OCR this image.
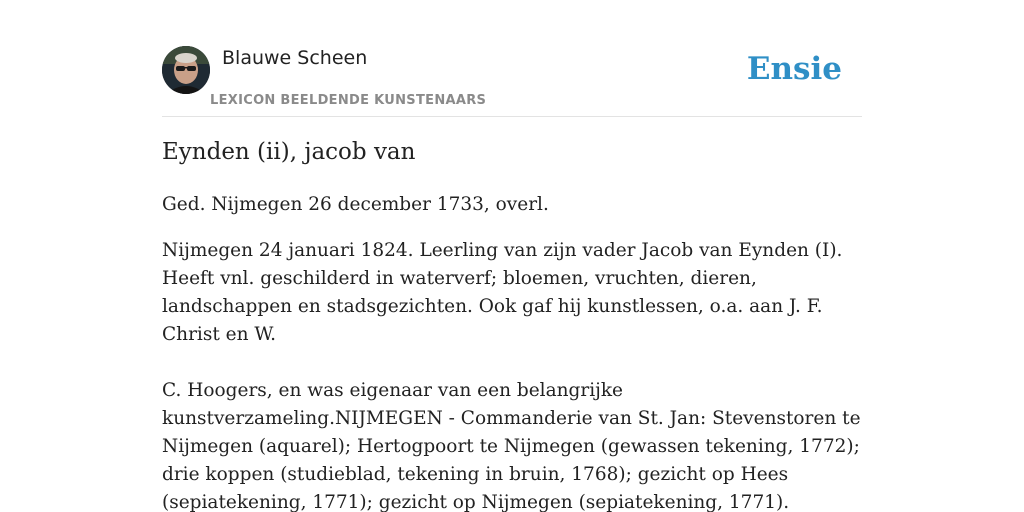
Blauwe Scheen
LEXICON BEELDENDE KUNSTENAARS
Ensie
Eynden (ii), jacob van

Ged. Nijmegen 26 december 1733, overl.

Nijmegen 24 januari 1824. Leerling van zijn vader Jacob van Eynden (I). Heeft vnl. geschilderd in waterverf; bloemen, vruchten, dieren, landschappen en stadsgezichten. Ook gaf hij kunstlessen, o.a. aan J. F. Christ en W.

C. Hoogers, en was eigenaar van een belangrijke kunstverzameling.NIJMEGEN - Commanderie van St. Jan: Stevenstoren te Nijmegen (aquarel); Hertogpoort te Nijmegen (gewassen tekening, 1772); drie koppen (studieblad, tekening in bruin, 1768); gezicht op Hees (sepiatekening, 1771); gezicht op Nijmegen (sepiatekening, 1771).
